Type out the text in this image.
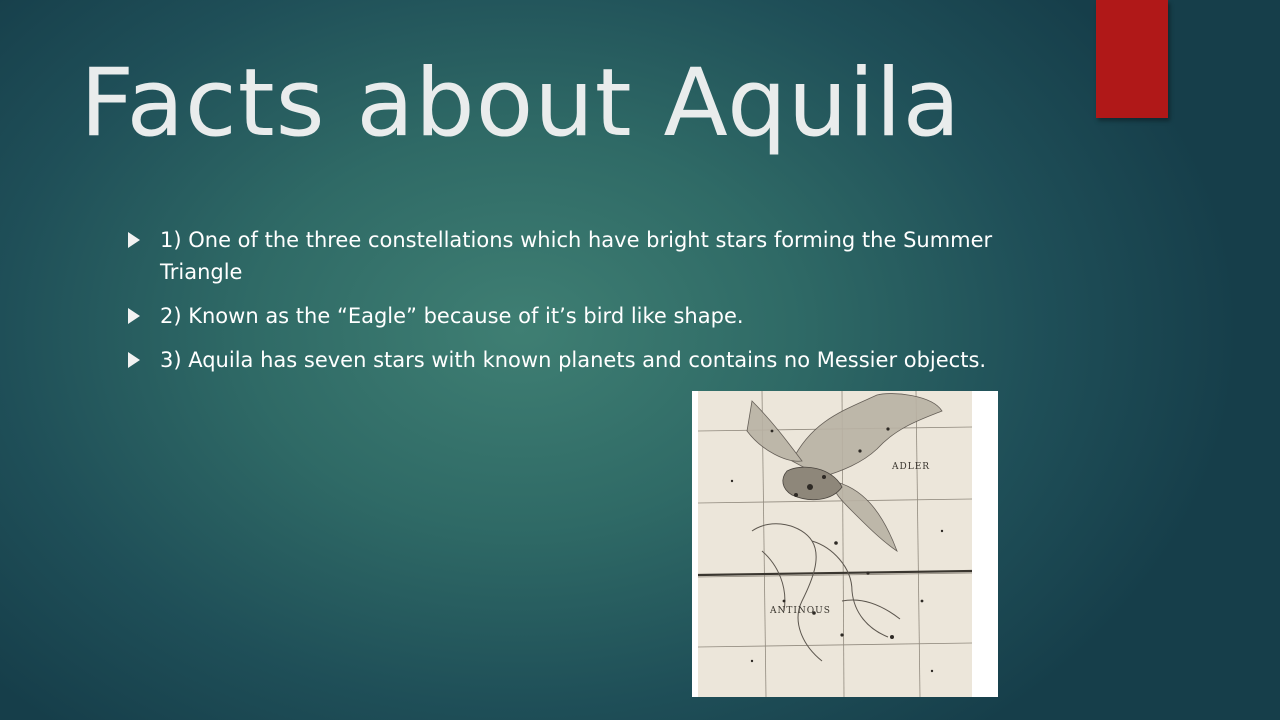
Facts about Aquila
1) One of the three constellations which have bright stars forming the Summer Triangle
2) Known as the “Eagle” because of it’s bird like shape.
3) Aquila has seven stars with known planets and contains no Messier objects.
ADLER
ANTINOUS
